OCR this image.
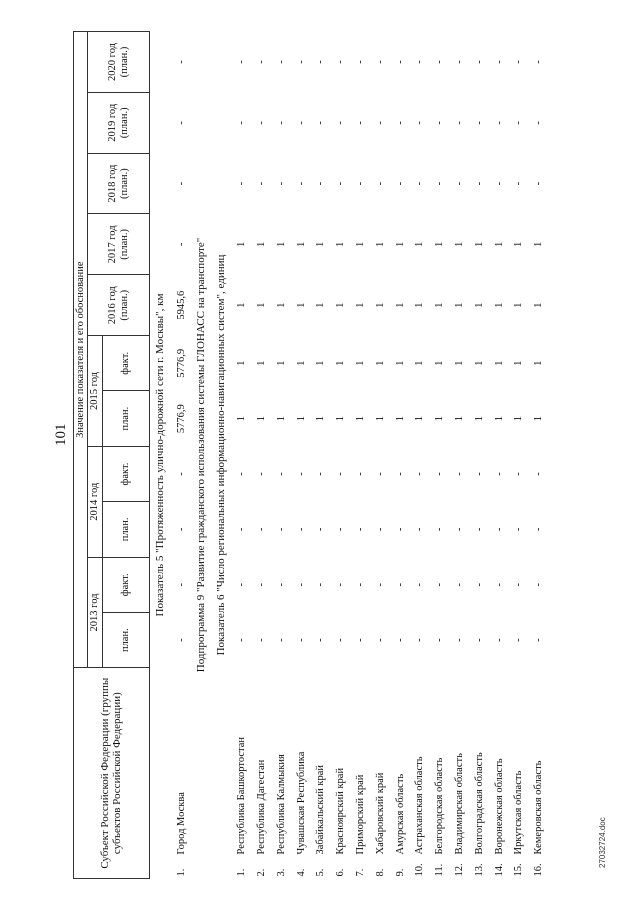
101
27032724.doc
Субъект Российской Федерации (группы субъектов Российской Федерации)	Значение показателя и его обоснование										
	2013 год		2014 год		2015 год		2016 год (план.)	2017 год (план.)	2018 год (план.)	2019 год (план.)	2020 год (план.)
	план.	факт.	план.	факт.	план.	факт.					
Показатель 5 "Протяженность улично-дорожной сети г. Москвы", км											
1.Город Москва	-	-	-	-	5776,9	5776,9	5945,6	-	-	-	-
Подпрограмма 9 "Развитие гражданского использования системы ГЛОНАСС на транспорте"											
Показатель 6 "Число региональных информационно-навигационных систем", единиц											
1.Республика Башкортостан	-	-	-	-	1	1	1	1	-	-	-
2.Республика Дагестан	-	-	-	-	1	1	1	1	-	-	-
3.Республика Калмыкия	-	-	-	-	1	1	1	1	-	-	-
4.Чувашская Республика	-	-	-	-	1	1	1	1	-	-	-
5.Забайкальский край	-	-	-	-	1	1	1	1	-	-	-
6.Красноярский край	-	-	-	-	1	1	1	1	-	-	-
7.Приморский край	-	-	-	-	1	1	1	1	-	-	-
8.Хабаровский край	-	-	-	-	1	1	1	1	-	-	-
9.Амурская область	-	-	-	-	1	1	1	1	-	-	-
10.Астраханская область	-	-	-	-	1	1	1	1	-	-	-
11.Белгородская область	-	-	-	-	1	1	1	1	-	-	-
12.Владимирская область	-	-	-	-	1	1	1	1	-	-	-
13.Волгоградская область	-	-	-	-	1	1	1	1	-	-	-
14.Воронежская область	-	-	-	-	1	1	1	1	-	-	-
15.Иркутская область	-	-	-	-	1	1	1	1	-	-	-
16.Кемеровская область	-	-	-	-	1	1	1	1	-	-	-
